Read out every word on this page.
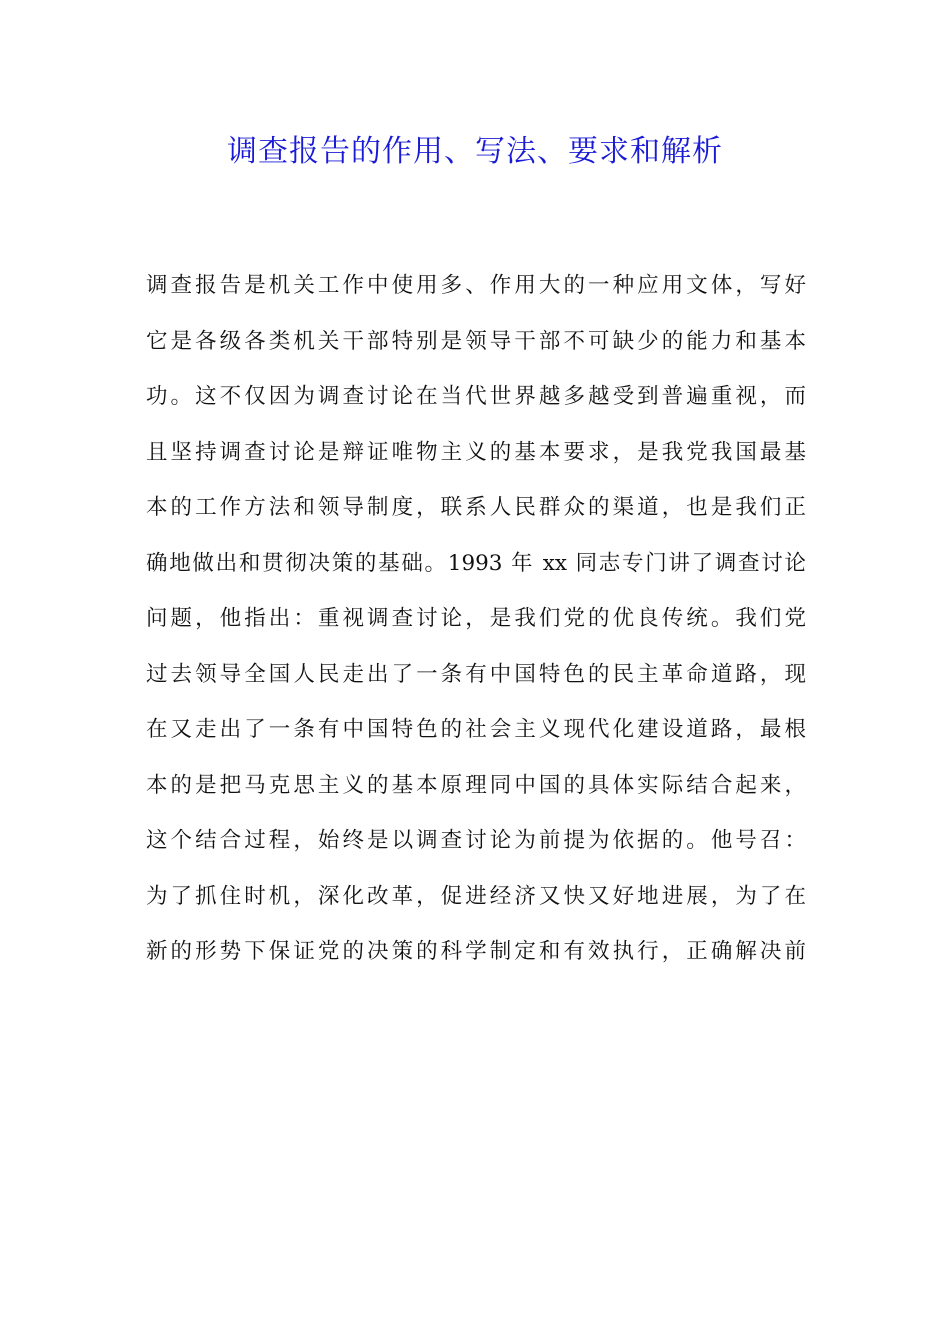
调查报告的作用、写法、要求和解析
调查报告是机关工作中使用多、作用大的一种应用文体，写好
它是各级各类机关干部特别是领导干部不可缺少的能力和基本
功。这不仅因为调查讨论在当代世界越多越受到普遍重视，而
且坚持调查讨论是辩证唯物主义的基本要求，是我党我国最基
本的工作方法和领导制度，联系人民群众的渠道，也是我们正
确地做出和贯彻决策的基础。1993 年 xx 同志专门讲了调查讨论
问题，他指出：重视调查讨论，是我们党的优良传统。我们党
过去领导全国人民走出了一条有中国特色的民主革命道路，现
在又走出了一条有中国特色的社会主义现代化建设道路，最根
本的是把马克思主义的基本原理同中国的具体实际结合起来，
这个结合过程，始终是以调查讨论为前提为依据的。他号召：
为了抓住时机，深化改革，促进经济又快又好地进展，为了在
新的形势下保证党的决策的科学制定和有效执行，正确解决前
